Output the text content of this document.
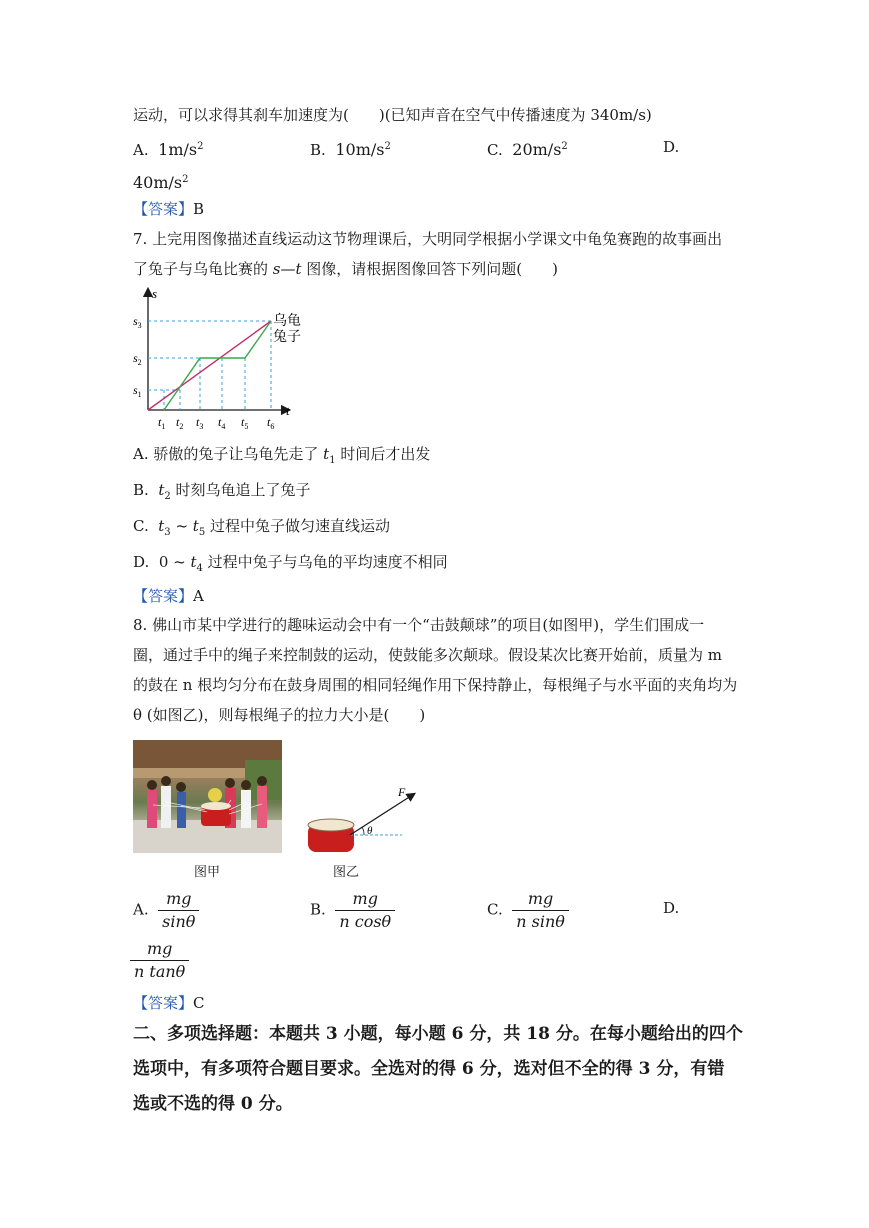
运动，可以求得其刹车加速度为(　　)(已知声音在空气中传播速度为 340m/s)
A. $1m/s^2$	B. $10m/s^2$	C. $20m/s^2$	D.
$40m/s^2$
【答案】B
7. 上完用图像描述直线运动这节物理课后，大明同学根据小学课文中龟兔赛跑的故事画出
了兔子与乌龟比赛的 s—t 图像，请根据图像回答下列问题(　　)
s
t
乌龟
兔子
$s_3$
$s_2$
$s_1$
$t_1$ $t_2$ $t_3$ $t_4$ $t_5$ $t_6$
A. 骄傲的兔子让乌龟先走了 $t_1$ 时间后才出发
B. $t_2$ 时刻乌龟追上了兔子
C. $t_3$ ~ $t_5$ 过程中兔子做匀速直线运动
D. 0 ~ $t_4$ 过程中兔子与乌龟的平均速度不相同
【答案】A
8. 佛山市某中学进行的趣味运动会中有一个“击鼓颠球”的项目(如图甲)，学生们围成一
圈，通过手中的绳子来控制鼓的运动，使鼓能多次颠球。假设某次比赛开始前，质量为 m
的鼓在 n 根均匀分布在鼓身周围的相同轻绳作用下保持静止，每根绳子与水平面的夹角均为
θ (如图乙)，则每根绳子的拉力大小是(　　)
图甲
F
θ
图乙
A. $\frac{mg}{\sin\theta}$	B. $\frac{mg}{\text{n cosθ}}$	C. $\frac{mg}{\text{n sinθ}}$	D.
$\frac{mg}{\text{n tanθ}}$
【答案】C
二、多项选择题：本题共 3 小题，每小题 6 分，共 18 分。在每小题给出的四个
选项中，有多项符合题目要求。全选对的得 6 分，选对但不全的得 3 分，有错
选或不选的得 0 分。
